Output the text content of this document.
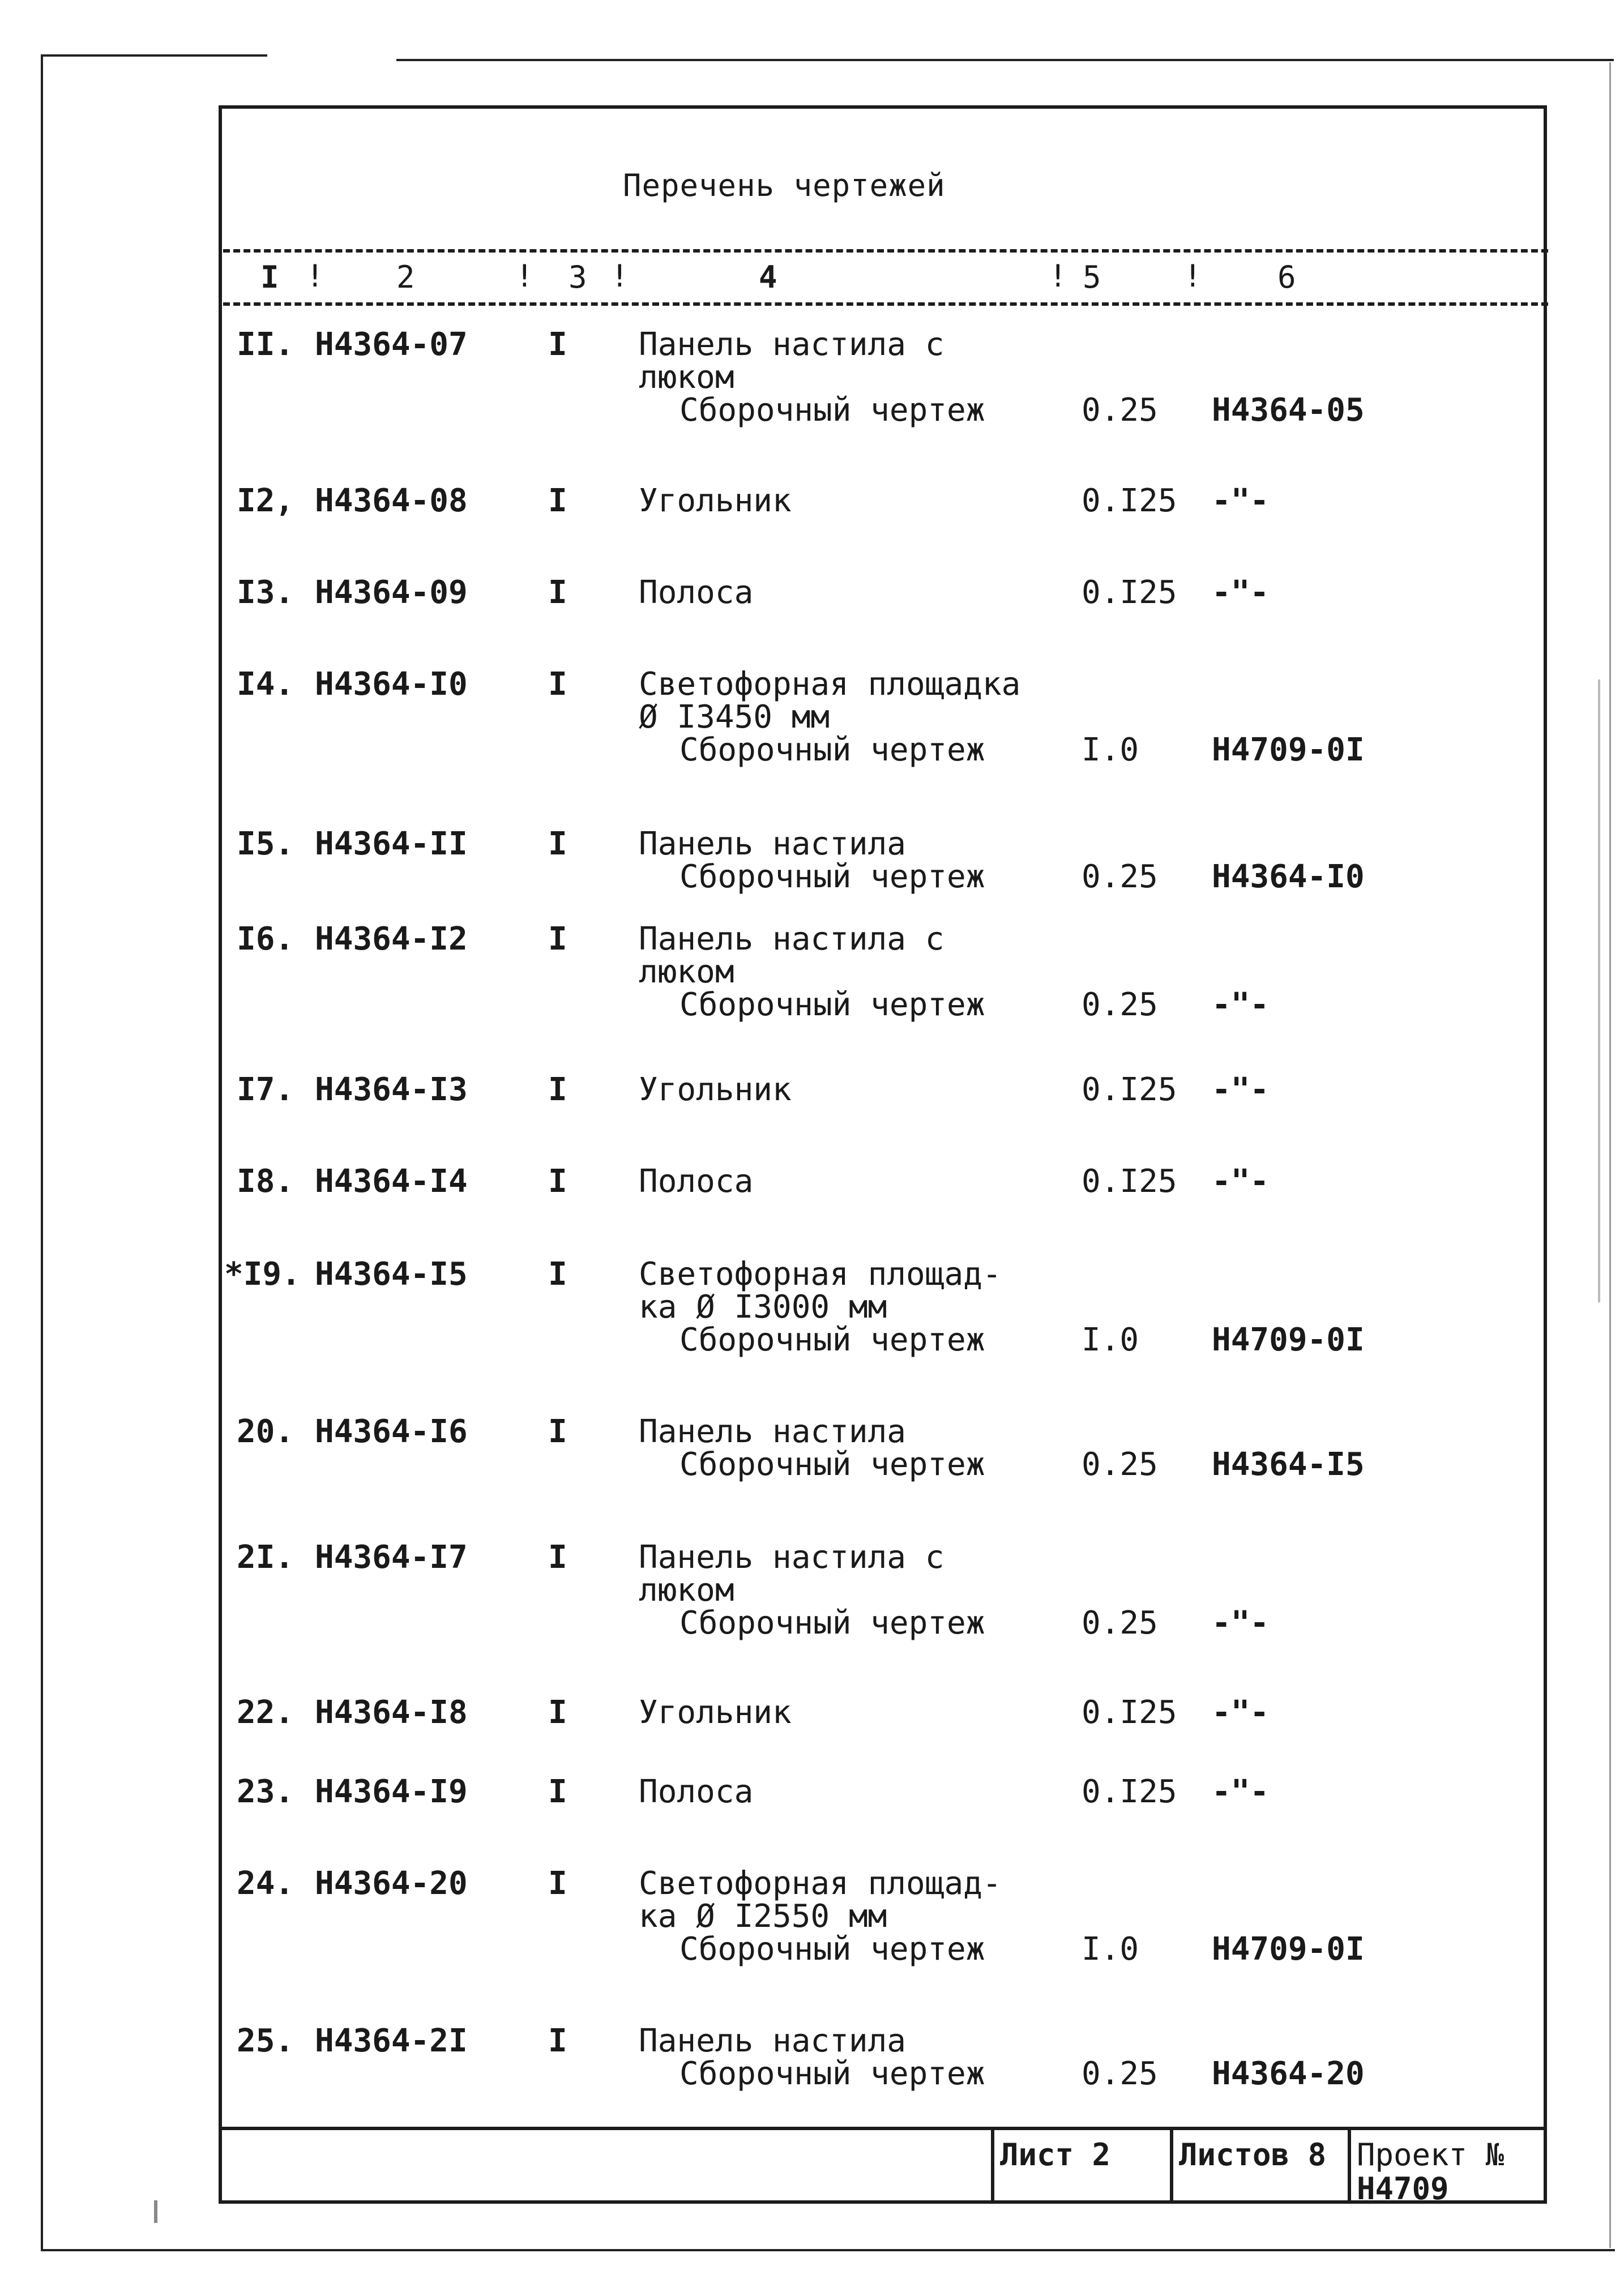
Перечень чертежей
I ! 2	! 3 !	4	! 5	! 6
II. Н4364-07	I Панель настила с
люком
Сборочный чертеж	0.25 Н4364-05
I2, Н4364-08	I Угольник	0.I25 -"-
I3. Н4364-09	I Полоса	0.I25 -"-
I4. Н4364-I0	I Светофорная площадка
Ø I3450 мм
Сборочный чертеж	I.0 Н4709-0I
I5. Н4364-II	I Панель настила
Сборочный чертеж	0.25 Н4364-I0
I6. Н4364-I2	I Панель настила с
люком
Сборочный чертеж	0.25 -"-
I7. Н4364-I3	I Угольник	0.I25 -"-
I8. Н4364-I4	I Полоса	0.I25 -"-
*I9. Н4364-I5	I Светофорная площад-
ка Ø I3000 мм
Сборочный чертеж	I.0 Н4709-0I
20. Н4364-I6	I Панель настила
Сборочный чертеж	0.25 Н4364-I5
2I. Н4364-I7	I Панель настила с
люком
Сборочный чертеж	0.25 -"-
22. Н4364-I8	I Угольник	0.I25 -"-
23. Н4364-I9	I Полоса	0.I25 -"-
24. Н4364-20	I Светофорная площад-
ка Ø I2550 мм
Сборочный чертеж	I.0 Н4709-0I
25. Н4364-2I	I Панель настила
Сборочный чертеж	0.25 Н4364-20
Лист 2	Листов 8 Проект №
Н4709
